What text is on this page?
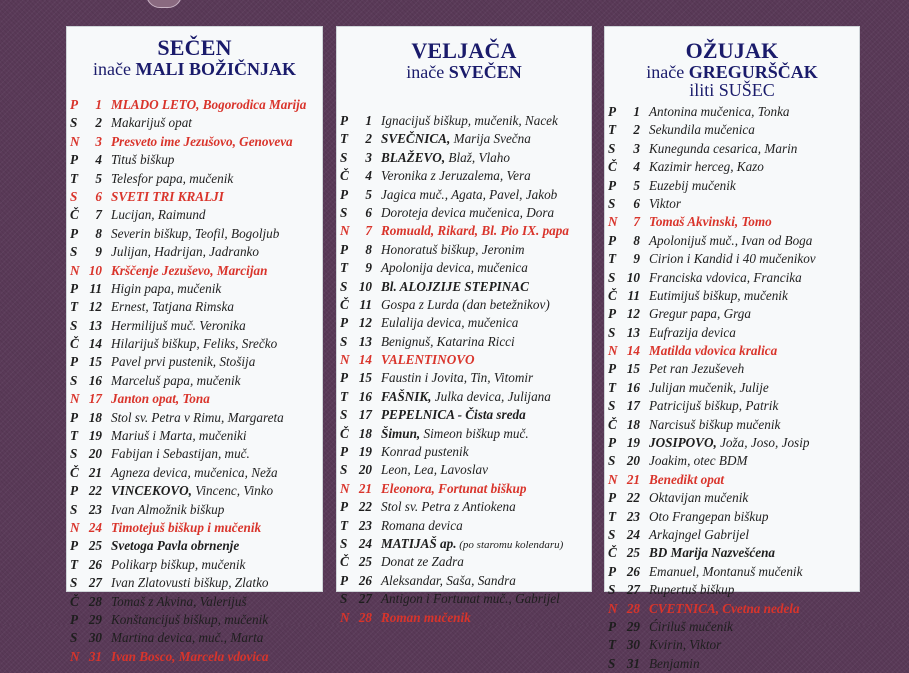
SEČEN
inače MALI BOŽIČNJAK
P	1 MLADO LETO, Bogorodica Marija
S	2 Makarijuš opat
N	3 Presveto ime Jezušovo, Genoveva
P	4 Tituš biškup
T	5 Telesfor papa, mučenik
S	6 SVETI TRI KRALJI
Č	7 Lucijan, Raimund
P	8 Severin biškup, Teofil, Bogoljub
S	9 Julijan, Hadrijan, Jadranko
N 10 Krščenje Jezuševo, Marcijan
P 11 Higin papa, mučenik
T 12 Ernest, Tatjana Rimska
S 13 Hermilijuš muč. Veronika
Č 14 Hilarijuš biškup, Feliks, Srečko
P 15 Pavel prvi pustenik, Stošija
S 16 Marceluš papa, mučenik
N 17 Janton opat, Tona
P 18 Stol sv. Petra v Rimu, Margareta
T 19 Mariuš i Marta, mučeniki
S 20 Fabijan i Sebastijan, muč.
Č 21 Agneza devica, mučenica, Neža
P 22 VINCEKOVO, Vincenc, Vinko
S 23 Ivan Almožnik biškup
N 24 Timotejuš biškup i mučenik
P 25 Svetoga Pavla obrnenje
T 26 Polikarp biškup, mučenik
S 27 Ivan Zlatovusti biškup, Zlatko
Č 28 Tomaš z Akvina, Valerijuš
P 29 Konštancijuš biškup, mučenik
S 30 Martina devica, muč., Marta
N 31 Ivan Bosco, Marcela vdovica
VELJAČA
inače SVEČEN
P	1 Ignacijuš biškup, mučenik, Nacek
T	2 SVEČNICA, Marija Svečna
S	3 BLAŽEVO, Blaž, Vlaho
Č	4 Veronika z Jeruzalema, Vera
P	5 Jagica muč., Agata, Pavel, Jakob
S	6 Doroteja devica mučenica, Dora
N	7 Romuald, Rikard, Bl. Pio IX. papa
P	8 Honoratuš biškup, Jeronim
T	9 Apolonija devica, mučenica
S 10 Bl. ALOJZIJE STEPINAC
Č 11 Gospa z Lurda (dan betežnikov)
P 12 Eulalija devica, mučenica
S 13 Benignuš, Katarina Ricci
N 14 VALENTINOVO
P 15 Faustin i Jovita, Tin, Vitomir
T 16 FAŠNIK, Julka devica, Julijana
S 17 PEPELNICA - Čista sreda
Č 18 Šimun, Simeon biškup muč.
P 19 Konrad pustenik
S 20 Leon, Lea, Lavoslav
N 21 Eleonora, Fortunat biškup
P 22 Stol sv. Petra z Antiokena
T 23 Romana devica
S 24 MATIJAŠ ap. (po staromu kolendaru)
Č 25 Donat ze Zadra
P 26 Aleksandar, Saša, Sandra
S 27 Antigon i Fortunat muč., Gabrijel
N 28 Roman mučenik
OŽUJAK
inače GREGURŠČAK
iliti SUŠEC
P	1 Antonina mučenica, Tonka
T	2 Sekundila mučenica
S	3 Kunegunda cesarica, Marin
Č	4 Kazimir herceg, Kazo
P	5 Euzebij mučenik
S	6 Viktor
N	7 Tomaš Akvinski, Tomo
P	8 Apolonijuš muč., Ivan od Boga
T	9 Cirion i Kandid i 40 mučenikov
S 10 Franciska vdovica, Francika
Č 11 Eutimijuš biškup, mučenik
P 12 Gregur papa, Grga
S 13 Eufrazija devica
N 14 Matilda vdovica kralica
P 15 Pet ran Jezuševeh
T 16 Julijan mučenik, Julije
S 17 Patricijuš biškup, Patrik
Č 18 Narcisuš biškup mučenik
P 19 JOSIPOVO, Joža, Joso, Josip
S 20 Joakim, otec BDM
N 21 Benedikt opat
P 22 Oktavijan mučenik
T 23 Oto Frangepan biškup
S 24 Arkajngel Gabrijel
Č 25 BD Marija Nazvešćena
P 26 Emanuel, Montanuš mučenik
S 27 Rupertuš biškup
N 28 CVETNICA, Cvetna nedela
P 29 Ćiriluš mučenik
T 30 Kvirin, Viktor
S 31 Benjamin
